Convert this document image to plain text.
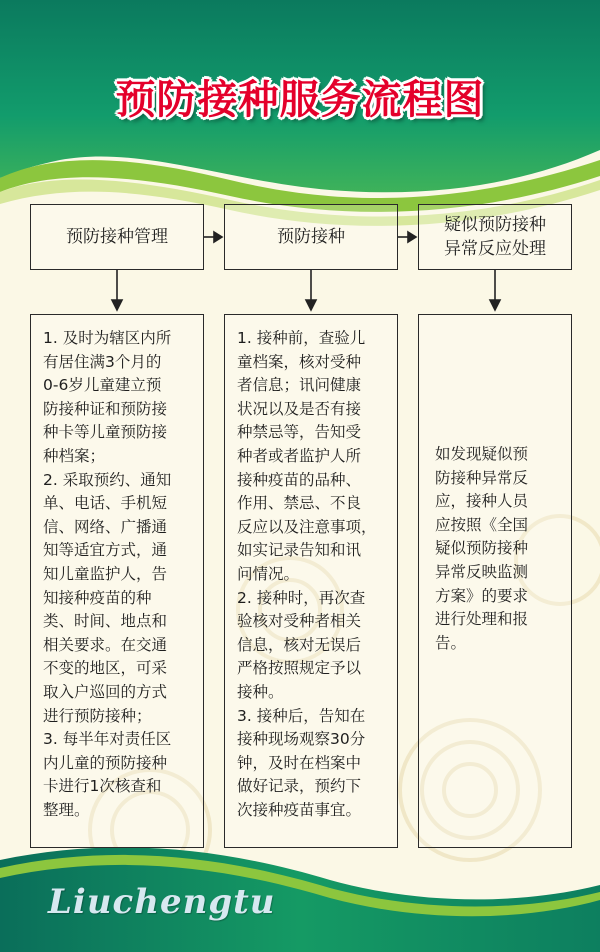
预防接种服务流程图
预防接种管理	预防接种
疑似预防接种
异常反应处理
1. 及时为辖区内所
有居住满3个月的
0-6岁儿童建立预
防接种证和预防接
种卡等儿童预防接
种档案；
2. 采取预约、通知
单、电话、手机短
信、网络、广播通
知等适宜方式，通
知儿童监护人，告
知接种疫苗的种
类、时间、地点和
相关要求。在交通
不变的地区，可采
取入户巡回的方式
进行预防接种；
3. 每半年对责任区
内儿童的预防接种
卡进行1次核查和
整理。
1. 接种前，查验儿
童档案，核对受种
者信息；讯问健康
状况以及是否有接
种禁忌等，告知受
种者或者监护人所
接种疫苗的品种、
作用、禁忌、不良
反应以及注意事项，
如实记录告知和讯
问情况。
2. 接种时，再次查
验核对受种者相关
信息，核对无误后
严格按照规定予以
接种。
3. 接种后，告知在
接种现场观察30分
钟，及时在档案中
做好记录，预约下
次接种疫苗事宜。
如发现疑似预
防接种异常反
应，接种人员
应按照《全国
疑似预防接种
异常反映监测
方案》的要求
进行处理和报
告。
Liuchengtu
